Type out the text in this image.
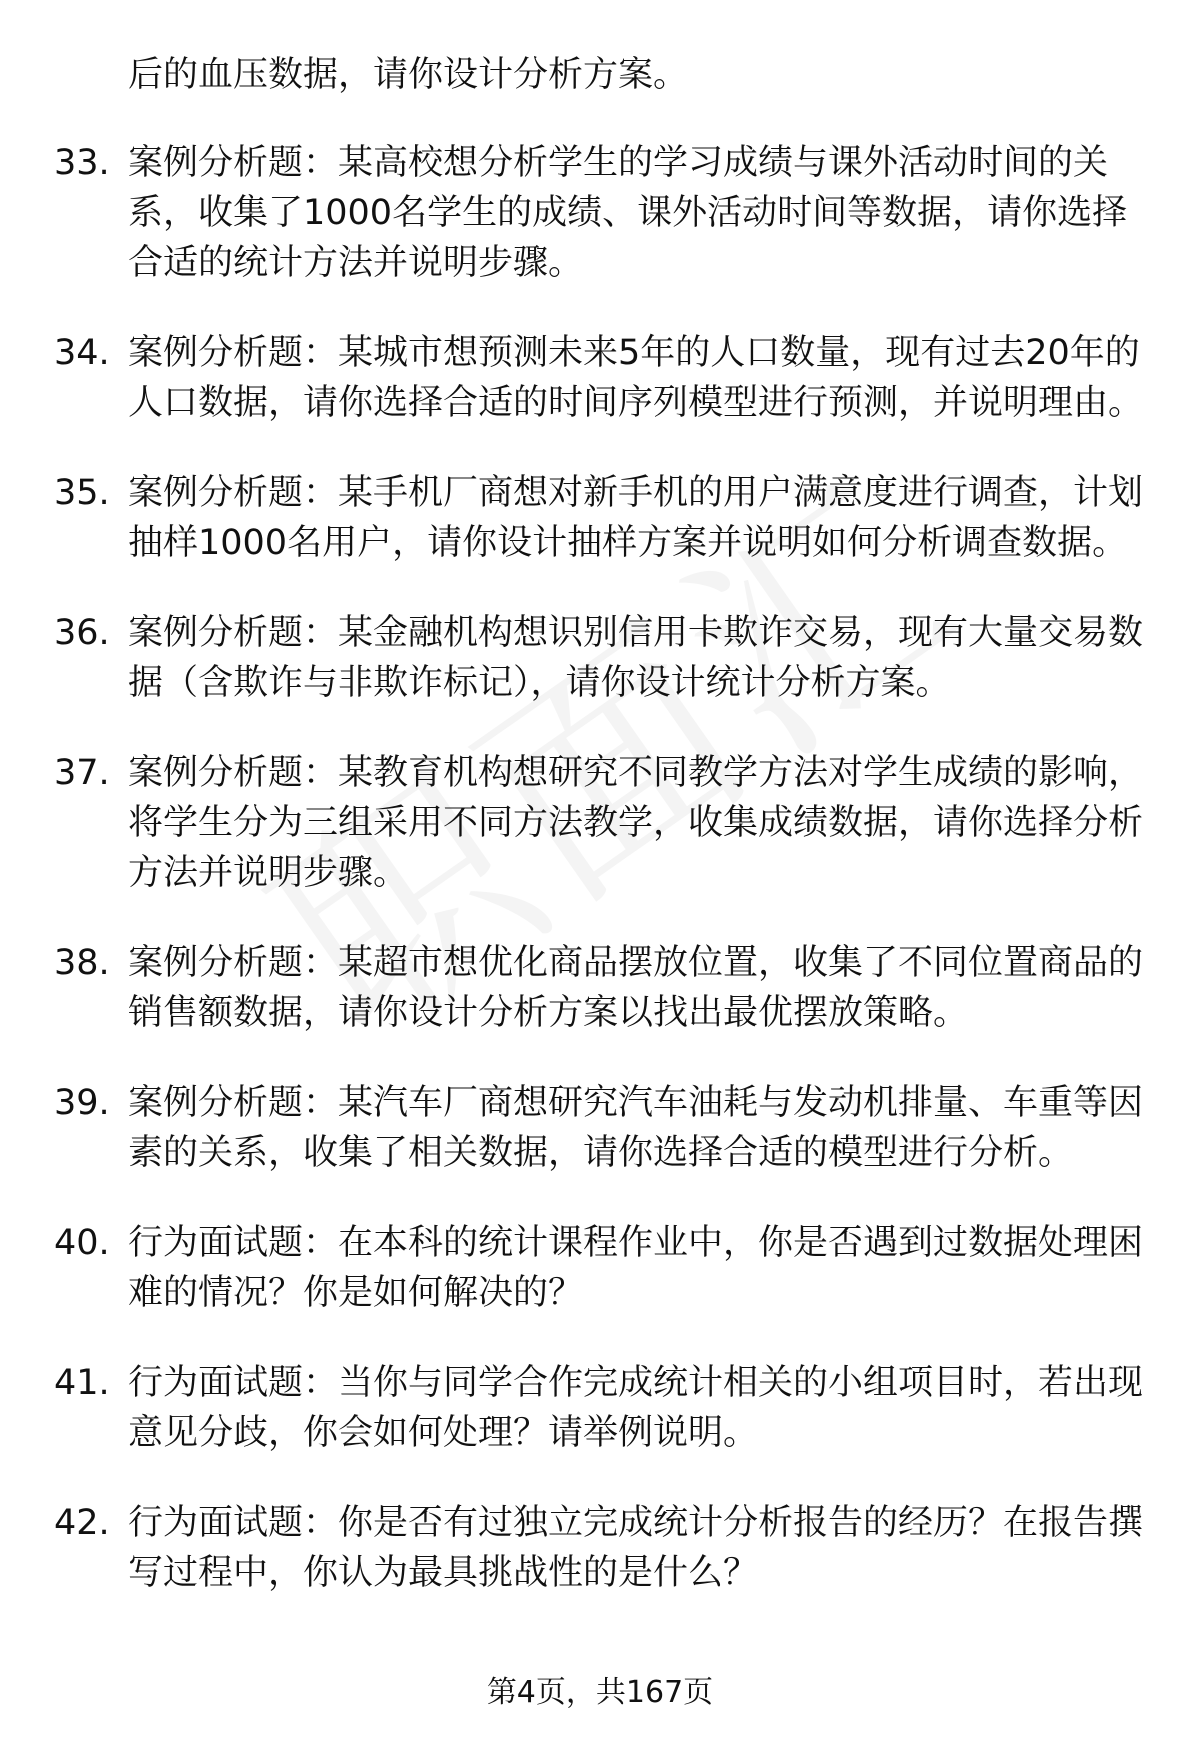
后的血压数据，请你设计分析方案。
33. 案例分析题：某高校想分析学生的学习成绩与课外活动时间的关系，收集了1000名学生的成绩、课外活动时间等数据，请你选择合适的统计方法并说明步骤。
34. 案例分析题：某城市想预测未来5年的人口数量，现有过去20年的人口数据，请你选择合适的时间序列模型进行预测，并说明理由。
35. 案例分析题：某手机厂商想对新手机的用户满意度进行调查，计划抽样1000名用户，请你设计抽样方案并说明如何分析调查数据。
36. 案例分析题：某金融机构想识别信用卡欺诈交易，现有大量交易数据（含欺诈与非欺诈标记），请你设计统计分析方案。
37. 案例分析题：某教育机构想研究不同教学方法对学生成绩的影响，将学生分为三组采用不同方法教学，收集成绩数据，请你选择分析方法并说明步骤。
38. 案例分析题：某超市想优化商品摆放位置，收集了不同位置商品的销售额数据，请你设计分析方案以找出最优摆放策略。
39. 案例分析题：某汽车厂商想研究汽车油耗与发动机排量、车重等因素的关系，收集了相关数据，请你选择合适的模型进行分析。
40. 行为面试题：在本科的统计课程作业中，你是否遇到过数据处理困难的情况？你是如何解决的？
41. 行为面试题：当你与同学合作完成统计相关的小组项目时，若出现意见分歧，你会如何处理？请举例说明。
42. 行为面试题：你是否有过独立完成统计分析报告的经历？在报告撰写过程中，你认为最具挑战性的是什么？
第4页，共167页
